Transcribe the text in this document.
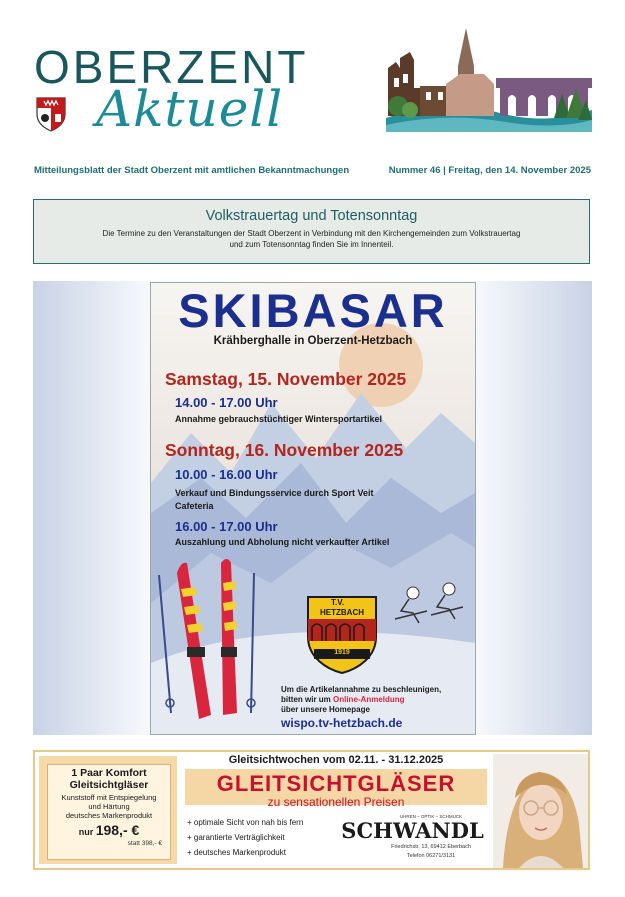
OBERZENT
Aktuell
Mitteilungsblatt der Stadt Oberzent mit amtlichen Bekanntmachungen	Nummer 46 | Freitag, den 14. November 2025
Volkstrauertag und Totensonntag

Die Termine zu den Veranstaltungen der Stadt Oberzent in Verbindung mit den Kirchengemeinden zum Volkstrauertag
und zum Totensonntag finden Sie im Innenteil.

SKIBASAR
Krähberghalle in Oberzent-Hetzbach
Samstag, 15. November 2025
14.00 - 17.00 Uhr
Annahme gebrauchstüchtiger Wintersportartikel
Sonntag, 16. November 2025
10.00 - 16.00 Uhr
Verkauf und Bindungsservice durch Sport Veit
Cafeteria
16.00 - 17.00 Uhr
Auszahlung und Abholung nicht verkaufter Artikel
T.V.
HETZBACH
1919
Um die Artikelannahme zu beschleunigen,
bitten wir um Online-Anmeldung
über unsere Homepage
wispo.tv-hetzbach.de
1 Paar Komfort
Gleitsichtgläser
Kunststoff mit Entspiegelung
und Härtung
deutsches Markenprodukt
nur 198,- €
statt 398,- €
Gleitsichtwochen vom 02.11. - 31.12.2025
GLEITSICHTGLÄSER
zu sensationellen Preisen
+ optimale Sicht von nah bis fern
+ garantierte Verträglichkeit
+ deutsches Markenprodukt
UHREN – OPTIK – SCHMUCK
SCHWANDL
Friedrichstr. 13, 69412 Eberbach
Telefon 06271/3131
